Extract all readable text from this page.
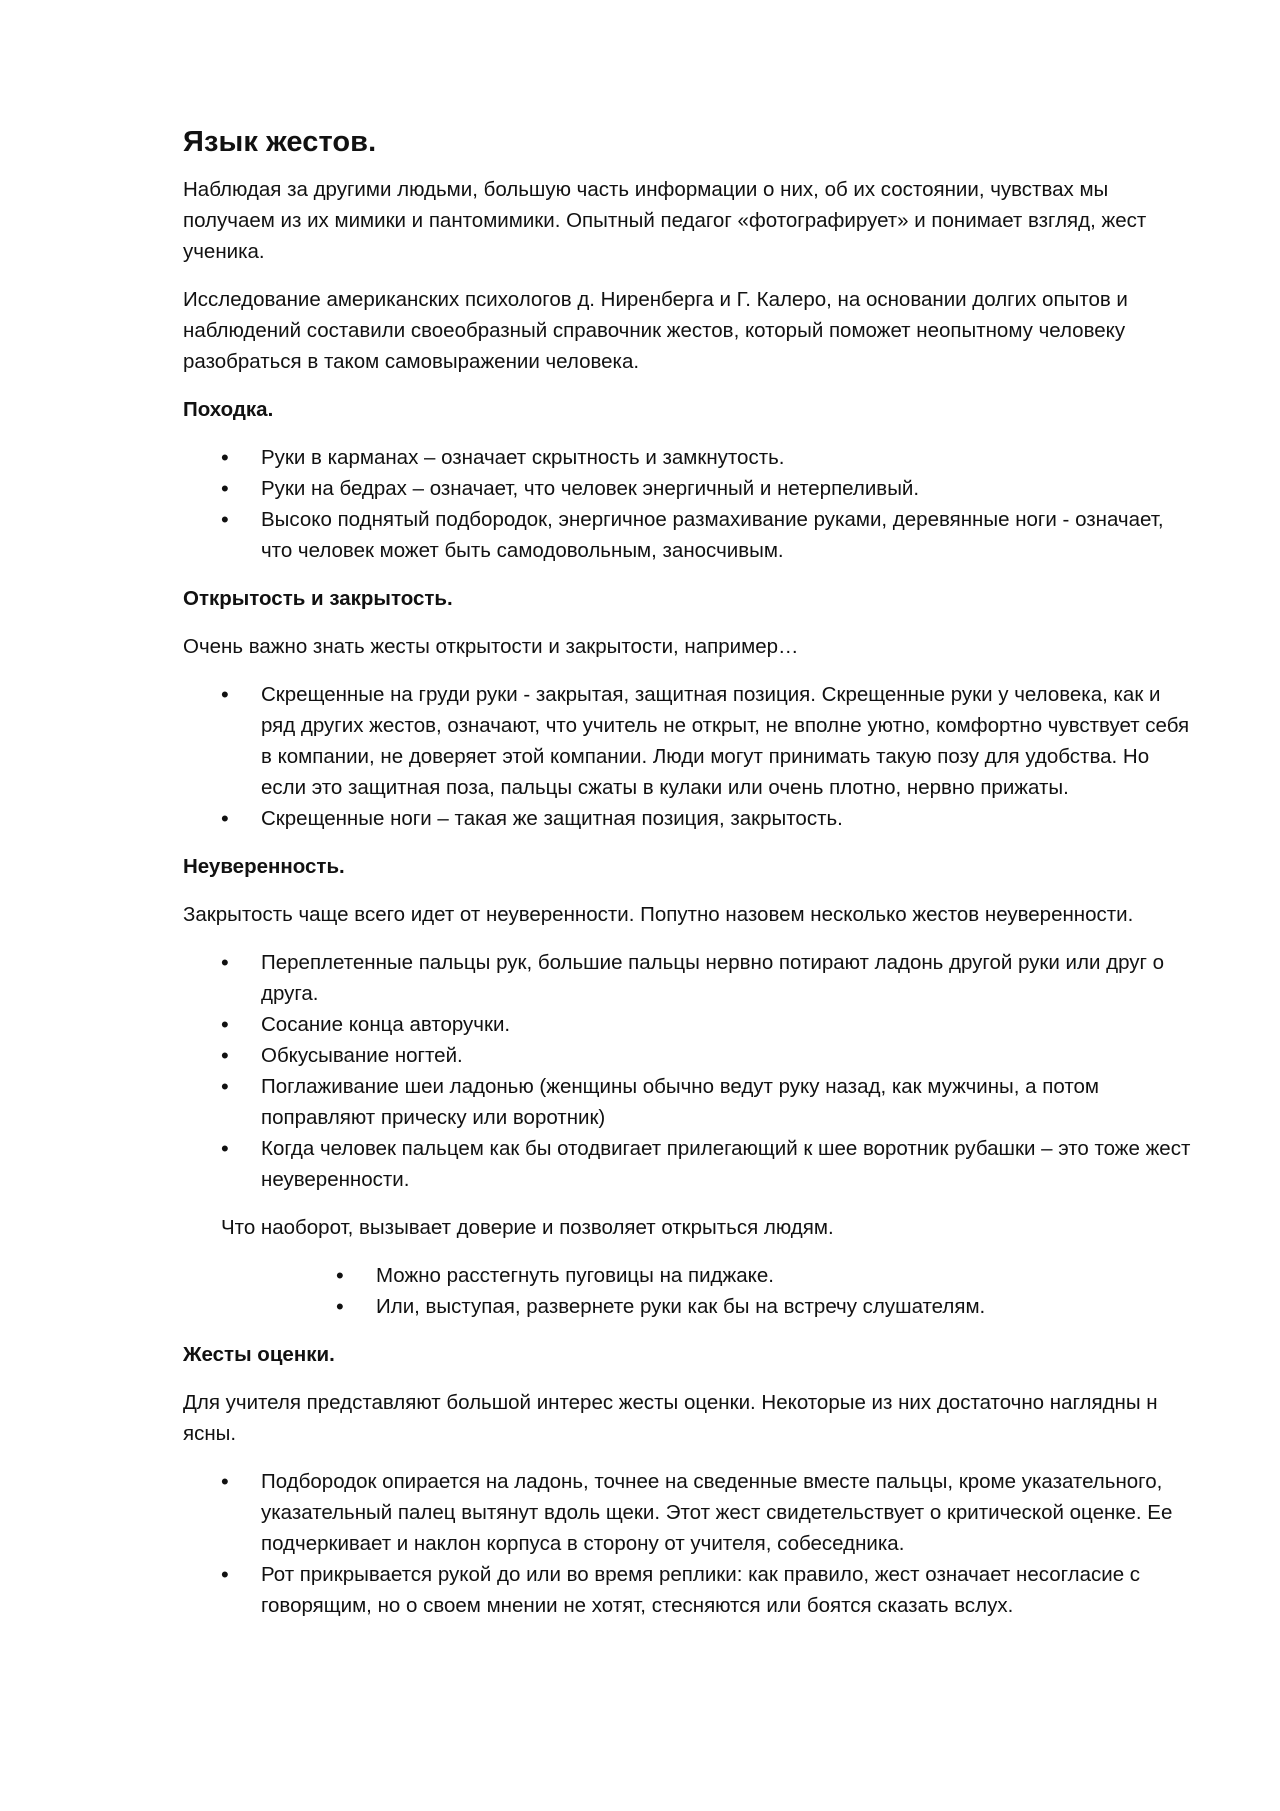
Язык жестов.

Наблюдая за другими людьми, большую часть информации о них, об их состоянии, чувствах мы получаем из их мимики и пантомимики. Опытный педагог «фотографирует» и понимает взгляд, жест ученика.

Исследование американских психологов д. Ниренберга и Г. Калеро, на основании долгих опытов и наблюдений составили своеобразный справочник жестов, который поможет неопытному человеку разобраться в таком самовыражении человека.

Походка.
• Руки в карманах – означает скрытность и замкнутость.
• Руки на бедрах – означает, что человек энергичный и нетерпеливый.
• Высоко поднятый подбородок, энергичное размахивание руками, деревянные ноги - означает, что человек может быть самодовольным, заносчивым.
Открытость и закрытость.

Очень важно знать жесты открытости и закрытости, например…

• Скрещенные на груди руки - закрытая, защитная позиция. Скрещенные руки у человека, как и ряд других жестов, означают, что учитель не открыт, не вполне уютно, комфортно чувствует себя в компании, не доверяет этой компании. Люди могут принимать такую позу для удобства. Но если это защитная поза, пальцы сжаты в кулаки или очень плотно, нервно прижаты.
• Скрещенные ноги – такая же защитная позиция, закрытость.
Неуверенность.

Закрытость чаще всего идет от неуверенности. Попутно назовем несколько жестов неуверенности.

• Переплетенные пальцы рук, большие пальцы нервно потирают ладонь другой руки или друг о друга.
• Сосание конца авторучки.
• Обкусывание ногтей.
• Поглаживание шеи ладонью (женщины обычно ведут руку назад, как мужчины, а потом поправляют прическу или воротник)
• Когда человек пальцем как бы отодвигает прилегающий к шее воротник рубашки – это тоже жест неуверенности.

Что наоборот, вызывает доверие и позволяет открыться людям.

• Можно расстегнуть пуговицы на пиджаке.
• Или, выступая, развернете руки как бы на встречу слушателям.
Жесты оценки.

Для учителя представляют большой интерес жесты оценки. Некоторые из них достаточно наглядны н ясны.

• Подбородок опирается на ладонь, точнее на сведенные вместе пальцы, кроме указательного, указательный палец вытянут вдоль щеки. Этот жест свидетельствует о критической оценке. Ее подчеркивает и наклон корпуса в сторону от учителя, собеседника.
• Рот прикрывается рукой до или во время реплики: как правило, жест означает несогласие с говорящим, но о своем мнении не хотят, стесняются или боятся сказать вслух.
